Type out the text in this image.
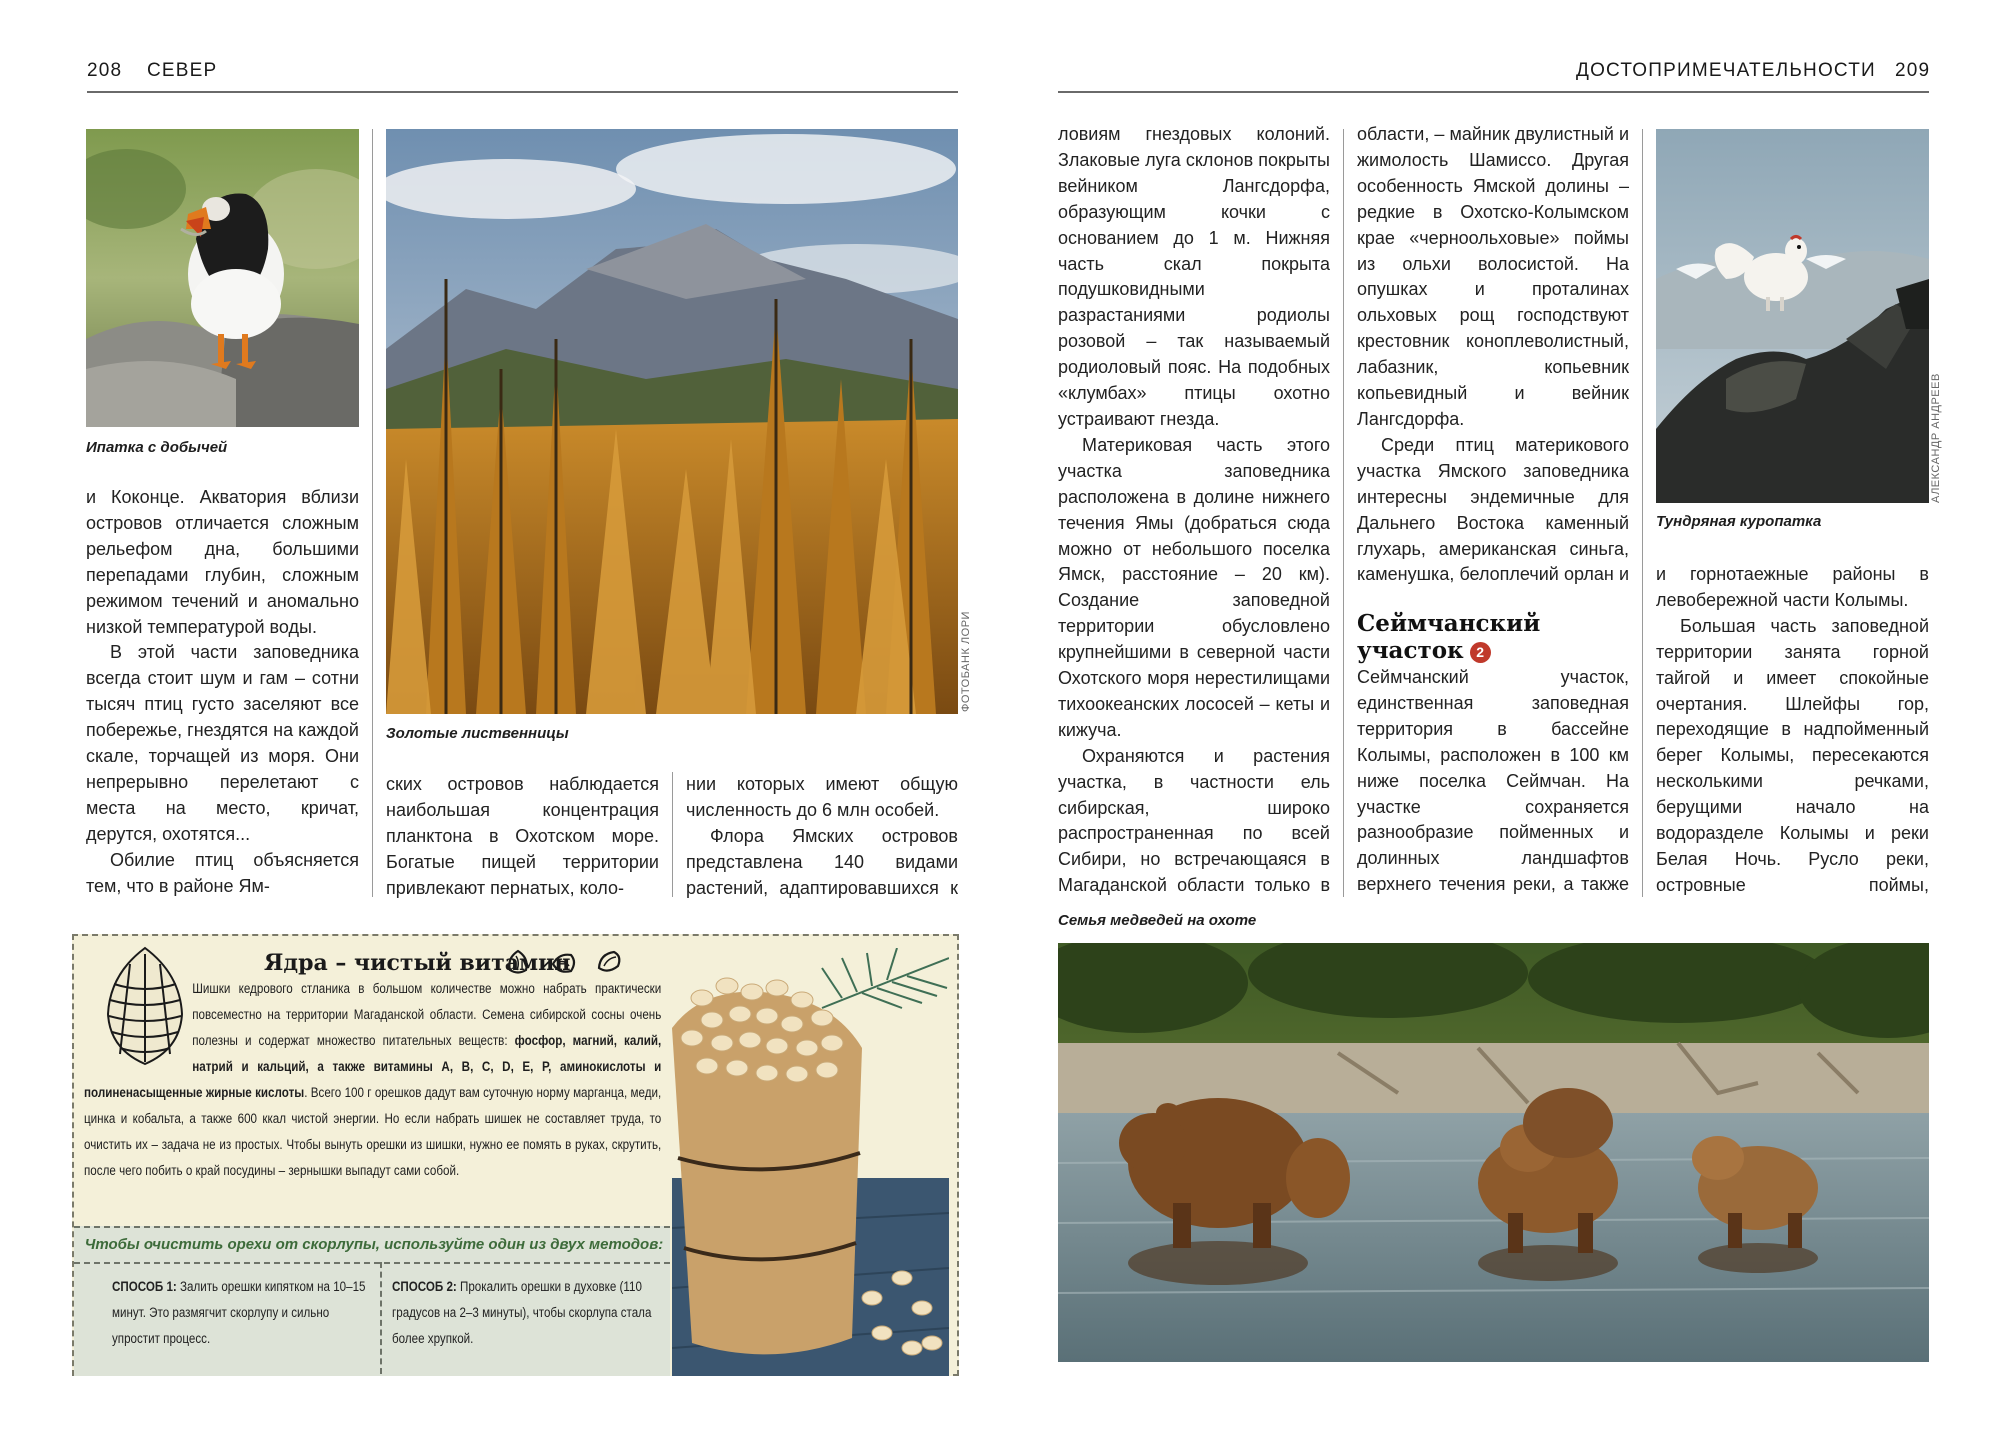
208 СЕВЕР	ДОСТОПРИМЕЧАТЕЛЬНОСТИ 209
Ипатка с добычей

и Коконце. Акватория вблизи островов отличается сложным рельефом дна, большими перепадами глубин, сложным режимом течений и аномально низкой температурой воды.

В этой части заповедника всегда стоит шум и гам – сотни тысяч птиц густо заселяют все побережье, гнездятся на каждой скале, торчащей из моря. Они непрерывно перелетают с места на место, кричат, дерутся, охотятся...

Обилие птиц объясняется тем, что в районе Ям-

ФОТОБАНК ЛОРИ
Золотые лиственницы

ских островов наблюдается наибольшая концентрация планктона в Охотском море. Богатые пищей территории привлекают пернатых, коло-

нии которых имеют общую численность до 6 млн особей.

Флора Ямских островов представлена 140 видами растений, адаптировавшихся к

Ядра – чистый витамин
Шишки кедрового стланика в большом количестве можно набрать практически повсеместно на территории Магаданской области. Семена сибирской сосны очень полезны и содержат множество питательных веществ: фосфор, магний, калий, натрий и кальций, а также витамины А, В, С, D, Е, Р, аминокислоты и полиненасыщенные жирные кислоты. Всего 100 г орешков дадут вам суточную норму марганца, меди, цинка и кобальта, а также 600 ккал чистой энергии. Но если набрать шишек не составляет труда, то очистить их – задача не из простых. Чтобы вынуть орешки из шишки, нужно ее помять в руках, скрутить, после чего побить о край посудины – зернышки выпадут сами собой.
Чтобы очистить орехи от скорлупы, используйте один из двух методов:
СПОСОБ 1: Залить орешки кипятком на 10–15 минут. Это размягчит скорлупу и сильно упростит процесс.
СПОСОБ 2: Прокалить орешки в духовке (110 градусов на 2–3 минуты), чтобы скорлупа стала более хрупкой.

ловиям гнездовых колоний. Злаковые луга склонов покрыты вейником Лангсдорфа, образующим кочки с основанием до 1 м. Нижняя часть скал покрыта подушковидными разрастаниями родиолы розовой – так называемый родиоловый пояс. На подобных «клумбах» птицы охотно устраивают гнезда.

Материковая часть этого участка заповедника расположена в долине нижнего течения Ямы (добраться сюда можно от небольшого поселка Ямск, расстояние – 20 км). Создание заповедной территории обусловлено крупнейшими в северной части Охотского моря нерестилищами тихоокеанских лососей – кеты и кижуча.

Охраняются и растения участка, в частности ель сибирская, широко распространенная по всей Сибири, но встречающаяся в Магаданской области только в

области, – майник двулистный и жимолость Шамиссо. Другая особенность Ямской долины – редкие в Охотско-Колымском крае «черноольховые» поймы из ольхи волосистой. На опушках и проталинах ольховых рощ господствуют крестовник коноплеволистный, лабазник, копьевник копьевидный и вейник Лангсдорфа.

Среди птиц материкового участка Ямского заповедника интересны эндемичные для Дальнего Востока каменный глухарь, американская синьга, каменушка, белоплечий орлан и

Сеймчанский участок 2

Сеймчанский участок, единственная заповедная территория в бассейне Колымы, расположен в 100 км ниже поселка Сеймчан. На участке сохраняется разнообразие пойменных и долинных ландшафтов верхнего течения реки, а также

АЛЕКСАНДР АНДРЕЕВ
Тундряная куропатка

и горнотаежные районы в левобережной части Колымы.

Большая часть заповедной территории занята горной тайгой и имеет спокойные очертания. Шлейфы гор, переходящие в надпойменный берег Колымы, пересекаются несколькими речками, берущими начало на водоразделе Колымы и реки Белая Ночь. Русло реки, островные поймы,

Семья медведей на охоте
